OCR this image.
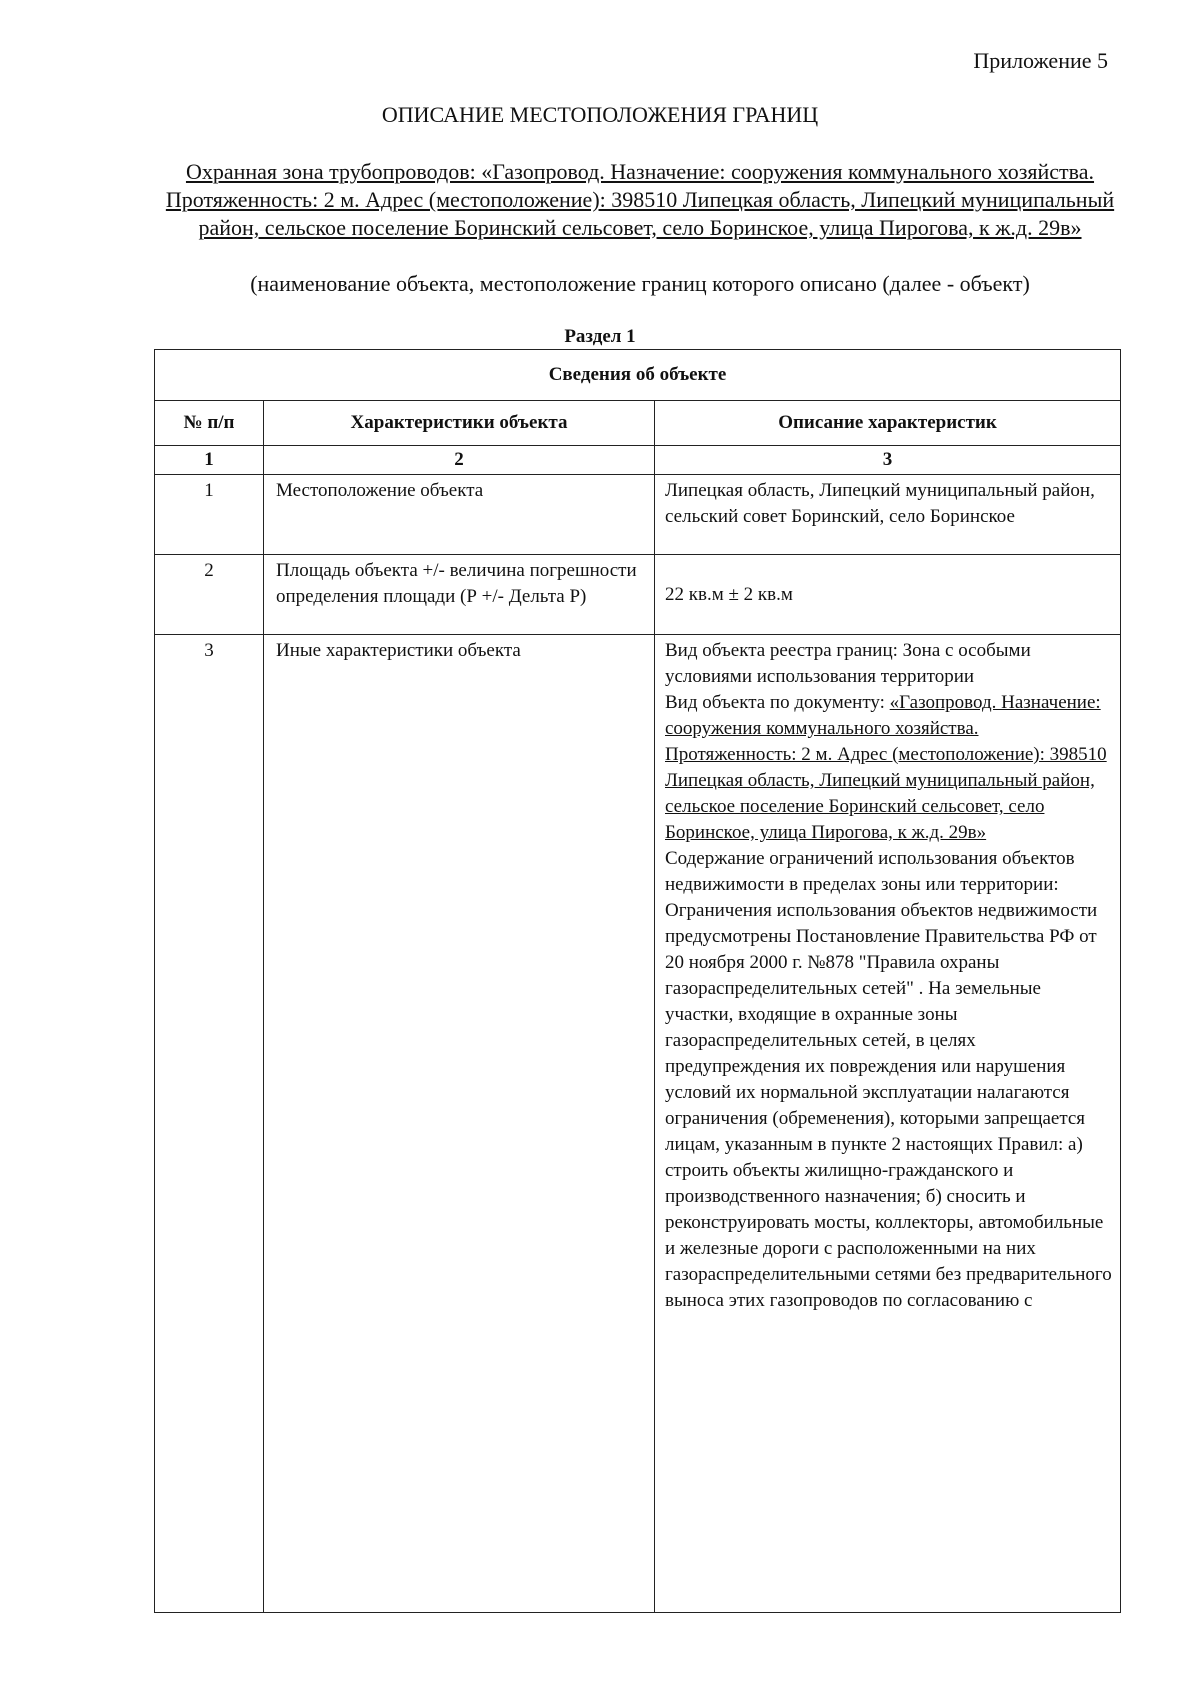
Приложение 5
ОПИСАНИЕ МЕСТОПОЛОЖЕНИЯ ГРАНИЦ
Охранная зона трубопроводов: «Газопровод. Назначение: сооружения коммунального хозяйства. Протяженность: 2 м. Адрес (местоположение): 398510 Липецкая область, Липецкий муниципальный район, сельское поселение Боринский сельсовет, село Боринское, улица Пирогова, к ж.д. 29в»
(наименование объекта, местоположение границ которого описано (далее - объект)
Раздел 1
Сведения об объекте		
№ п/п	Характеристики объекта	Описание характеристик
1	2	3
1	Местоположение объекта	Липецкая область, Липецкий муниципальный район, сельский совет Боринский, село Боринское
2	Площадь объекта +/- величина погрешности определения площади (Р +/- Дельта Р)	22 кв.м ± 2 кв.м
3	Иные характеристики объекта	Вид объекта реестра границ: Зона с особыми условиями использования территории
Вид объекта по документу: «Газопровод. Назначение: сооружения коммунального хозяйства. Протяженность: 2 м. Адрес (местоположение): 398510 Липецкая область, Липецкий муниципальный район, сельское поселение Боринский сельсовет, село Боринское, улица Пирогова, к ж.д. 29в»
Содержание ограничений использования объектов недвижимости в пределах зоны или территории: Ограничения использования объектов недвижимости предусмотрены Постановление Правительства РФ от 20 ноября 2000 г. №878 "Правила охраны газораспределительных сетей" . На земельные участки, входящие в охранные зоны газораспределительных сетей, в целях предупреждения их повреждения или нарушения условий их нормальной эксплуатации налагаются ограничения (обременения), которыми запрещается лицам, указанным в пункте 2 настоящих Правил: а) строить объекты жилищно-гражданского и производственного назначения; б) сносить и реконструировать мосты, коллекторы, автомобильные и железные дороги с расположенными на них газораспределительными сетями без предварительного выноса этих газопроводов по согласованию с
